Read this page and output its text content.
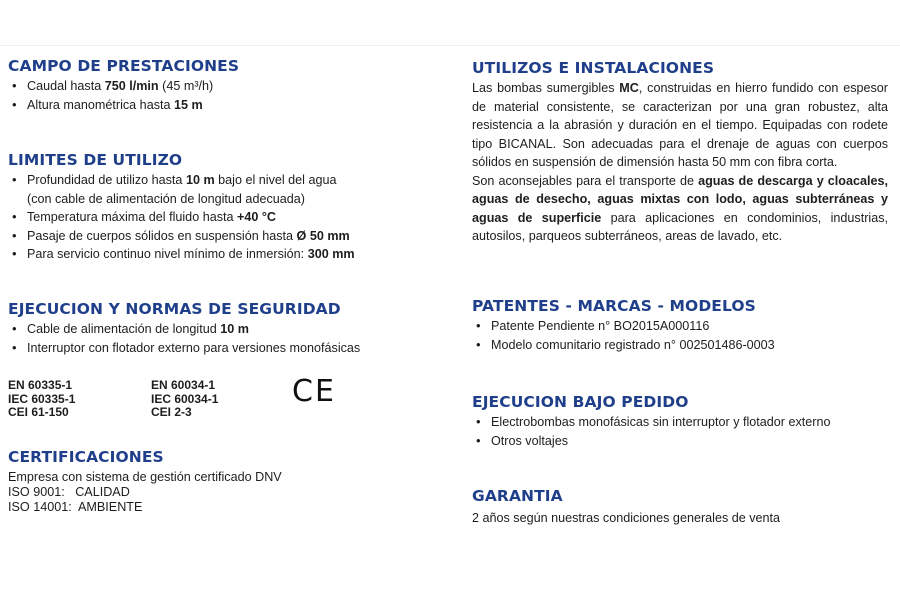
CAMPO DE PRESTACIONES
• Caudal hasta 750 l/min (45 m³/h)
• Altura manométrica hasta 15 m
LIMITES DE UTILIZO
• Profundidad de utilizo hasta 10 m bajo el nivel del agua
(con cable de alimentación de longitud adecuada)
• Temperatura máxima del fluido hasta +40 °C
• Pasaje de cuerpos sólidos en suspensión hasta Ø 50 mm
• Para servicio continuo nivel mínimo de inmersión: 300 mm
EJECUCION Y NORMAS DE SEGURIDAD
• Cable de alimentación de longitud 10 m
• Interruptor con flotador externo para versiones monofásicas
EN 60335-1
IEC 60335-1
CEI 61-150
EN 60034-1
IEC 60034-1
CEI 2-3
CE
CERTIFICACIONES

Empresa con sistema de gestión certificado DNV

ISO 9001:   CALIDAD

ISO 14001:  AMBIENTE

UTILIZOS E INSTALACIONES

Las bombas sumergibles MC, construidas en hierro fundido con espesor de material consistente, se caracterizan por una gran robustez, alta resistencia a la abrasión y duración en el tiempo. Equipadas con rodete tipo BICANAL. Son adecuadas para el drenaje de aguas con cuerpos sólidos en suspensión de dimensión hasta 50 mm con fibra corta.

Son aconsejables para el transporte de aguas de descarga y cloacales, aguas de desecho, aguas mixtas con lodo, aguas subterráneas y aguas de superficie para aplicaciones en condominios, industrias, autosilos, parqueos subterráneos, areas de lavado, etc.

PATENTES - MARCAS - MODELOS
• Patente Pendiente n° BO2015A000116
• Modelo comunitario registrado n° 002501486-0003
EJECUCION BAJO PEDIDO
• Electrobombas monofásicas sin interruptor y flotador externo
• Otros voltajes
GARANTIA

2 años según nuestras condiciones generales de venta
